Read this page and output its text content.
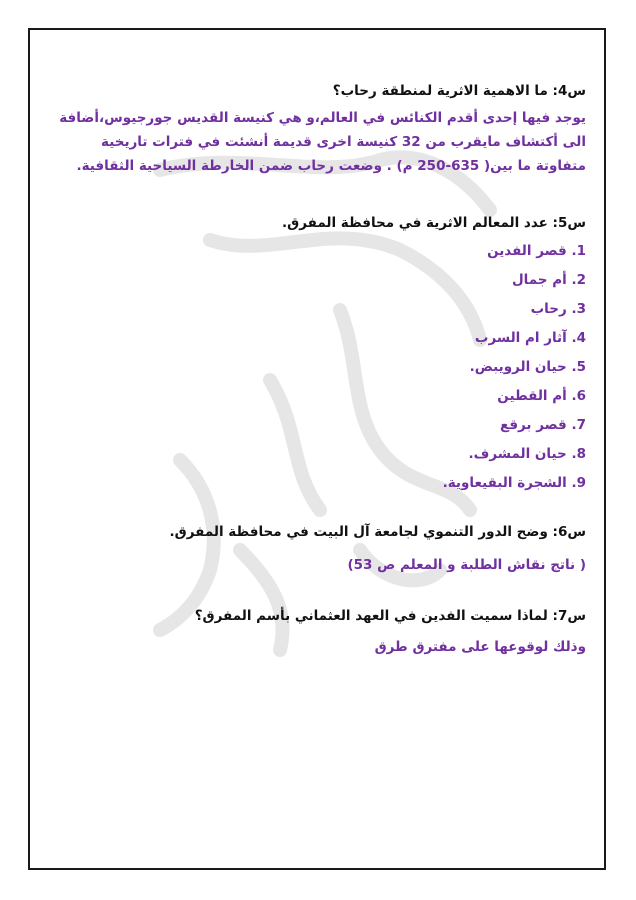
س4: ما الاهمية الاثرية لمنطقة رحاب؟

يوجد فيها إحدى أقدم الكنائس في العالم،و هي كنيسة القديس جورجيوس،أضافة

الى أكتشاف مايقرب من 32 كنيسة اخرى قديمة أنشئت في فترات تاريخية

متفاوتة ما بين( 635-250 م) . وضعت رحاب ضمن الخارطة السياحية الثقافية.

س5: عدد المعالم الاثرية في محافظة المفرق.

1. قصر الفدين
2. أم جمال
3. رحاب
4. آثار ام السرب
5. حيان الرويبض.
6. أم القطين
7. قصر برقع
8. حيان المشرف.
9. الشجرة البقيعاوية.

س6: وضح الدور التنموي لجامعة آل البيت في محافظة المفرق.

( ناتج نقاش الطلبة و المعلم ص 53)

س7: لماذا سميت الفدين في العهد العثماني بأسم المفرق؟

وذلك لوقوعها على مفترق طرق
